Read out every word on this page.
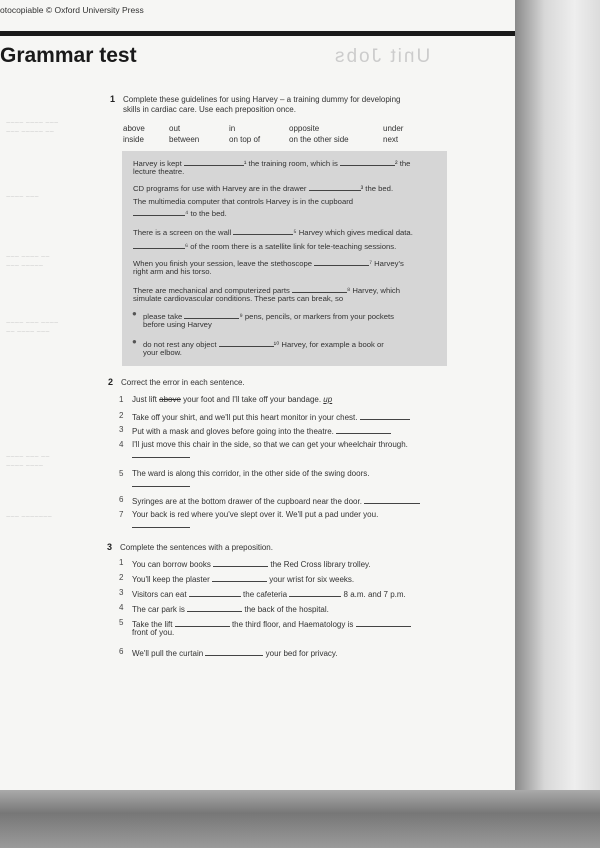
otocopiable © Oxford University Press
Grammar test	Unit Jobs
~~~~ ~~~~ ~~~
~~~ ~~~~~ ~~
~~~~ ~~~
~~~ ~~~~ ~~
~~~ ~~~~~
~~~~ ~~~ ~~~~
~~ ~~~~ ~~~
~~~~ ~~~ ~~
~~~~ ~~~~
~~~ ~~~~~~~
1 Complete these guidelines for using Harvey – a training dummy for developing
skills in cardiac care. Use each preposition once.
above	out	in	opposite	under
inside	between	on top of	on the other side	next
Harvey is kept	¹ the training room, which is	² the
lecture theatre.
CD programs for use with Harvey are in the drawer	³ the bed.
The multimedia computer that controls Harvey is in the cupboard
⁴ to the bed.
There is a screen on the wall	⁵ Harvey which gives medical data.
⁶ of the room there is a satellite link for tele-teaching sessions.
When you finish your session, leave the stethoscope	⁷ Harvey's
right arm and his torso.
There are mechanical and computerized parts	⁸ Harvey, which
simulate cardiovascular conditions. These parts can break, so
● please take	⁹ pens, pencils, or markers from your pockets
before using Harvey
● do not rest any object	¹⁰ Harvey, for example a book or
your elbow.
2 Correct the error in each sentence.
1 Just lift above your foot and I'll take off your bandage. up
2 Take off your shirt, and we'll put this heart monitor in your chest.
3 Put with a mask and gloves before going into the theatre.
4 I'll just move this chair in the side, so that we can get your wheelchair through.
5 The ward is along this corridor, in the other side of the swing doors.
6 Syringes are at the bottom drawer of the cupboard near the door.
7 Your back is red where you've slept over it. We'll put a pad under you.
3 Complete the sentences with a preposition.
1 You can borrow books	the Red Cross library trolley.
2 You'll keep the plaster	your wrist for six weeks.
3 Visitors can eat	the cafeteria	8 a.m. and 7 p.m.
4 The car park is	the back of the hospital.
5 Take the lift	the third floor, and Haematology is
front of you.
6 We'll pull the curtain	your bed for privacy.
